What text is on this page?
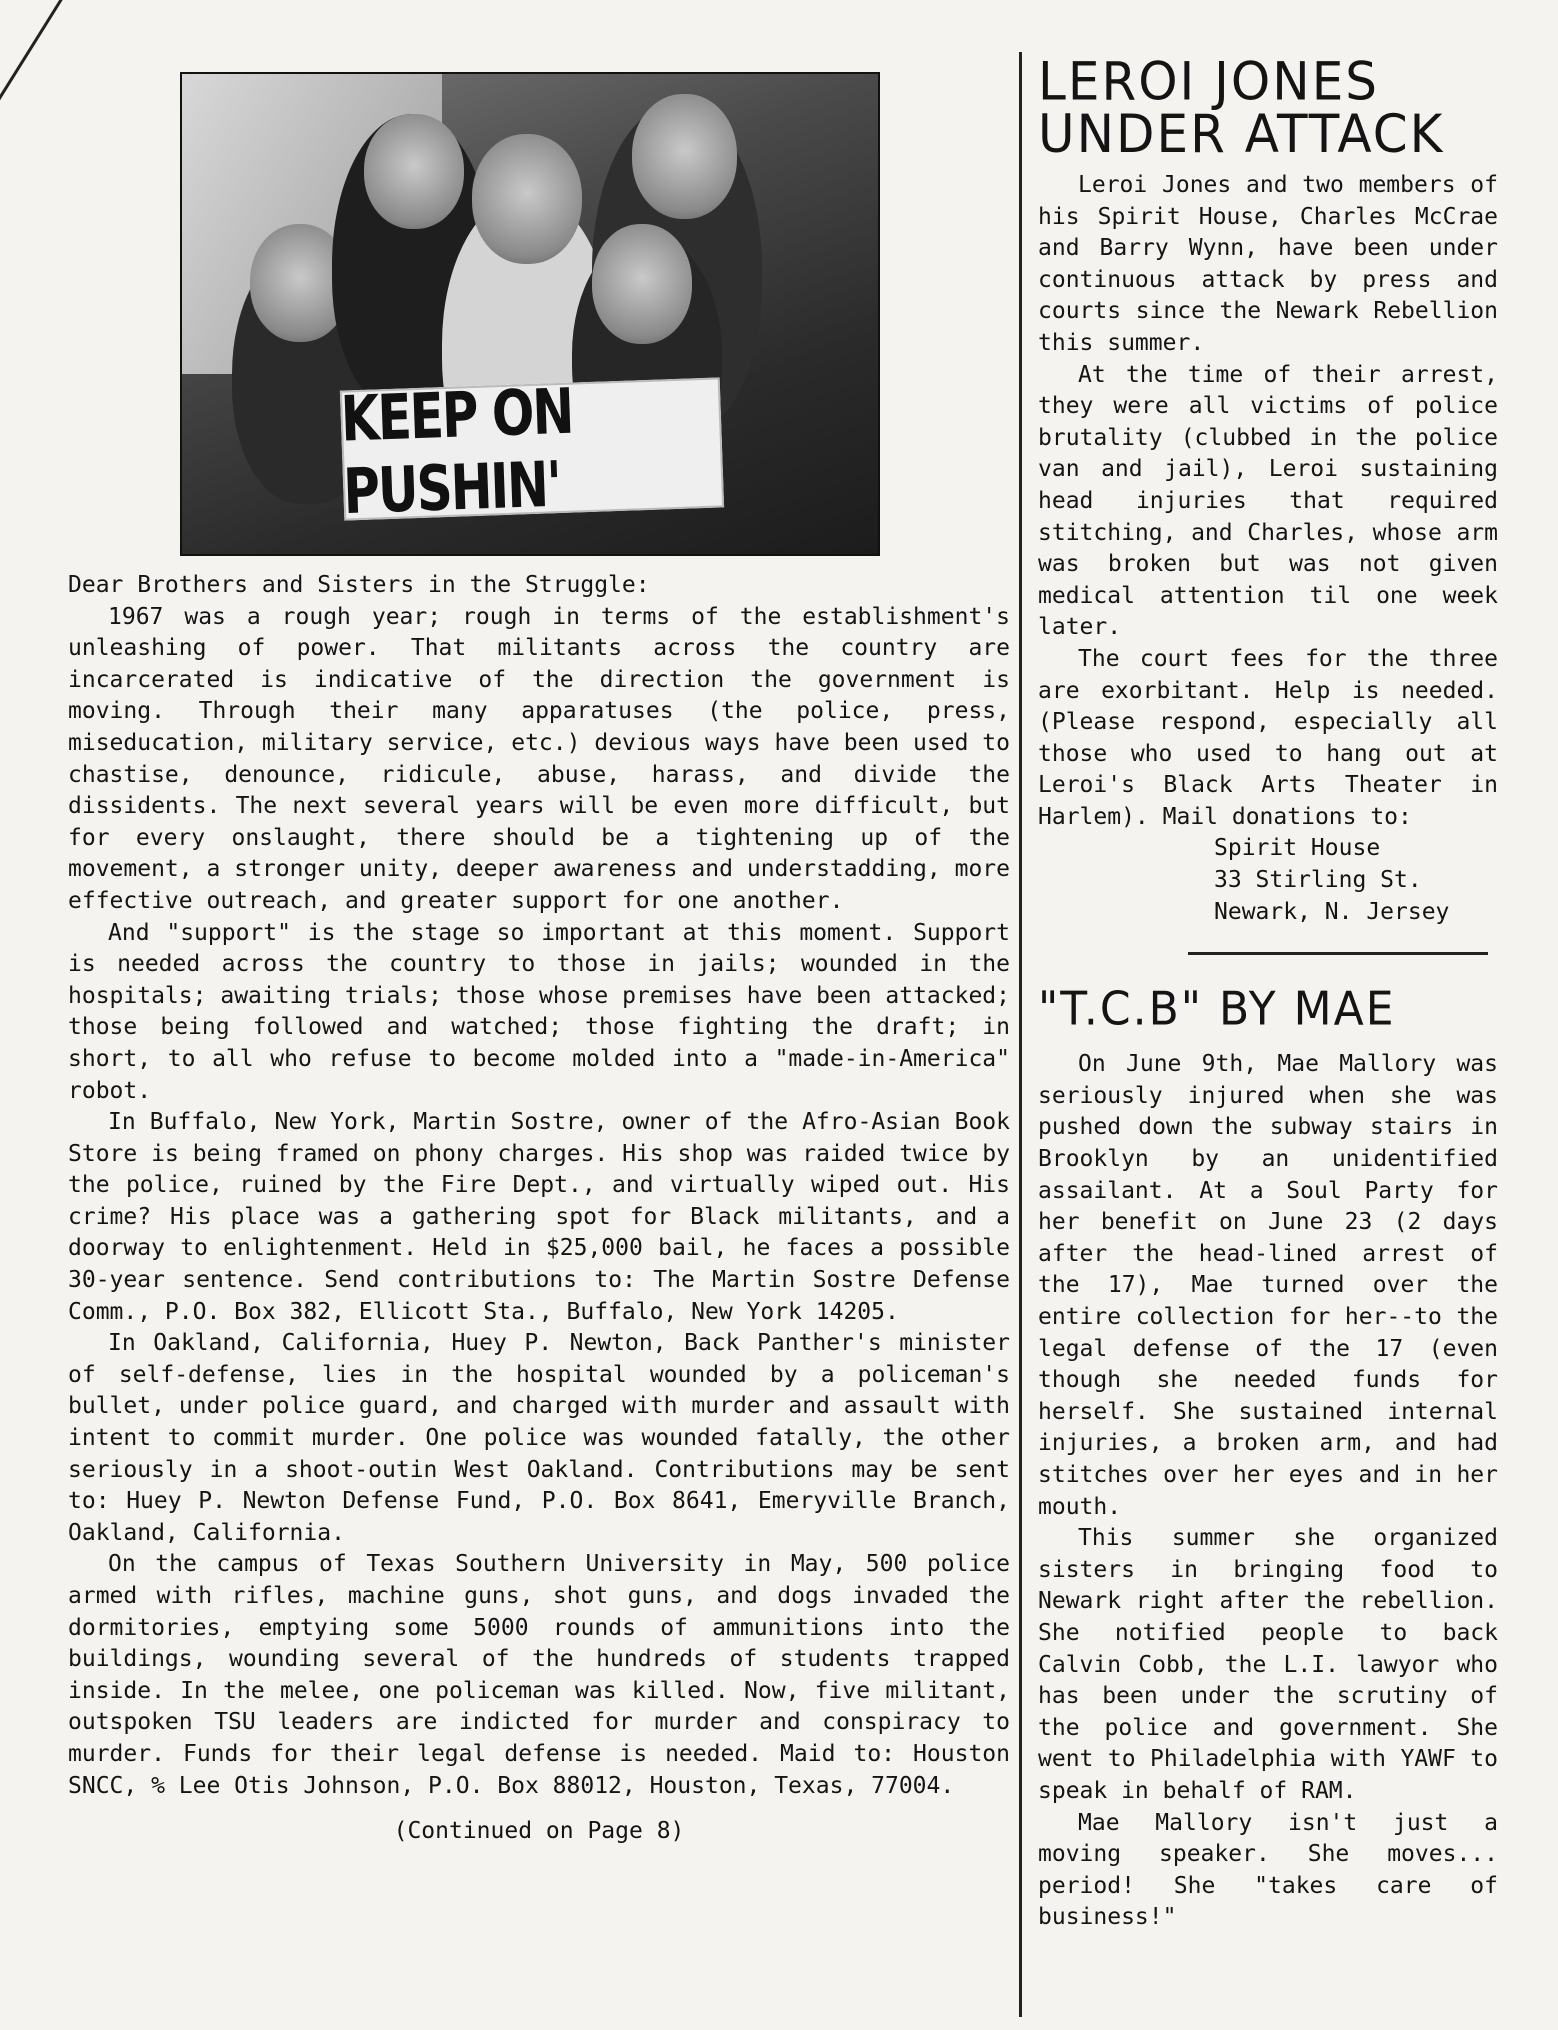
KEEP ON PUSHIN'

Dear Brothers and Sisters in the Struggle:

1967 was a rough year; rough in terms of the establishment's unleashing of power. That militants across the country are incarcerated is indicative of the direction the government is moving. Through their many apparatuses (the police, press, miseducation, military service, etc.) devious ways have been used to chastise, denounce, ridicule, abuse, harass, and divide the dissidents. The next several years will be even more difficult, but for every onslaught, there should be a tightening up of the movement, a stronger unity, deeper awareness and understadding, more effective outreach, and greater support for one another.

And "support" is the stage so important at this moment. Support is needed across the country to those in jails; wounded in the hospitals; awaiting trials; those whose premises have been attacked; those being followed and watched; those fighting the draft; in short, to all who refuse to become molded into a "made-in-America" robot.

In Buffalo, New York, Martin Sostre, owner of the Afro-Asian Book Store is being framed on phony charges. His shop was raided twice by the police, ruined by the Fire Dept., and virtually wiped out. His crime? His place was a gathering spot for Black militants, and a doorway to enlightenment. Held in $25,000 bail, he faces a possible 30-year sentence. Send contributions to: The Martin Sostre Defense Comm., P.O. Box 382, Ellicott Sta., Buffalo, New York 14205.

In Oakland, California, Huey P. Newton, Back Panther's minister of self-defense, lies in the hospital wounded by a policeman's bullet, under police guard, and charged with murder and assault with intent to commit murder. One police was wounded fatally, the other seriously in a shoot-outin West Oakland. Contributions may be sent to: Huey P. Newton Defense Fund, P.O. Box 8641, Emeryville Branch, Oakland, California.

On the campus of Texas Southern University in May, 500 police armed with rifles, machine guns, shot guns, and dogs invaded the dormitories, emptying some 5000 rounds of ammunitions into the buildings, wounding several of the hundreds of students trapped inside. In the melee, one policeman was killed. Now, five militant, outspoken TSU leaders are indicted for murder and conspiracy to murder. Funds for their legal defense is needed. Maid to: Houston SNCC, % Lee Otis Johnson, P.O. Box 88012, Houston, Texas, 77004.

(Continued on Page 8)

LEROI JONES
UNDER ATTACK

Leroi Jones and two members of his Spirit House, Charles McCrae and Barry Wynn, have been under continuous attack by press and courts since the Newark Rebellion this summer.

At the time of their arrest, they were all victims of police brutality (clubbed in the police van and jail), Leroi sustaining head injuries that required stitching, and Charles, whose arm was broken but was not given medical attention til one week later.

The court fees for the three are exorbitant. Help is needed. (Please respond, especially all those who used to hang out at Leroi's Black Arts Theater in Harlem). Mail donations to:

Spirit House

33 Stirling St.

Newark, N. Jersey

"T.C.B" BY MAE

On June 9th, Mae Mallory was seriously injured when she was pushed down the subway stairs in Brooklyn by an unidentified assailant. At a Soul Party for her benefit on June 23 (2 days after the head-lined arrest of the 17), Mae turned over the entire collection for her--to the legal defense of the 17 (even though she needed funds for herself. She sustained internal injuries, a broken arm, and had stitches over her eyes and in her mouth.

This summer she organized sisters in bringing food to Newark right after the rebellion. She notified people to back Calvin Cobb, the L.I. lawyor who has been under the scrutiny of the police and government. She went to Philadelphia with YAWF to speak in behalf of RAM.

Mae Mallory isn't just a moving speaker. She moves... period! She "takes care of business!"
